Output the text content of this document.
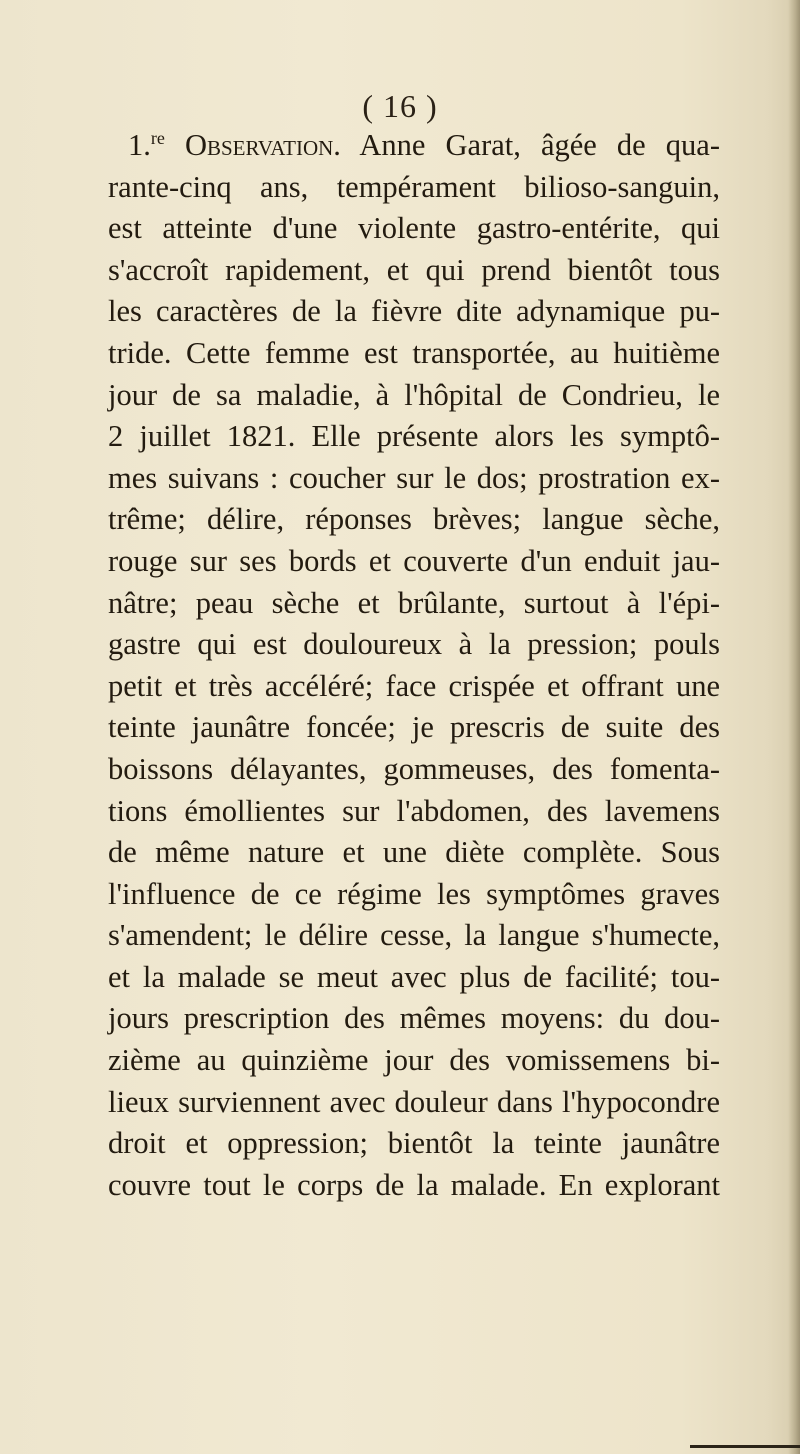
( 16 )
1.$^{re}$ Observation. Anne Garat, âgée de qua-
rante-cinq ans, tempérament bilioso-sanguin,
est atteinte d'une violente gastro-entérite, qui
s'accroît rapidement, et qui prend bientôt tous
les caractères de la fièvre dite adynamique pu-
tride. Cette femme est transportée, au huitième
jour de sa maladie, à l'hôpital de Condrieu, le
2 juillet 1821. Elle présente alors les symptô-
mes suivans : coucher sur le dos; prostration ex-
trême; délire, réponses brèves; langue sèche,
rouge sur ses bords et couverte d'un enduit jau-
nâtre; peau sèche et brûlante, surtout à l'épi-
gastre qui est douloureux à la pression; pouls
petit et très accéléré; face crispée et offrant une
teinte jaunâtre foncée; je prescris de suite des
boissons délayantes, gommeuses, des fomenta-
tions émollientes sur l'abdomen, des lavemens
de même nature et une diète complète. Sous
l'influence de ce régime les symptômes graves
s'amendent; le délire cesse, la langue s'humecte,
et la malade se meut avec plus de facilité; tou-
jours prescription des mêmes moyens: du dou-
zième au quinzième jour des vomissemens bi-
lieux surviennent avec douleur dans l'hypocondre
droit et oppression; bientôt la teinte jaunâtre
couvre tout le corps de la malade. En explorant
